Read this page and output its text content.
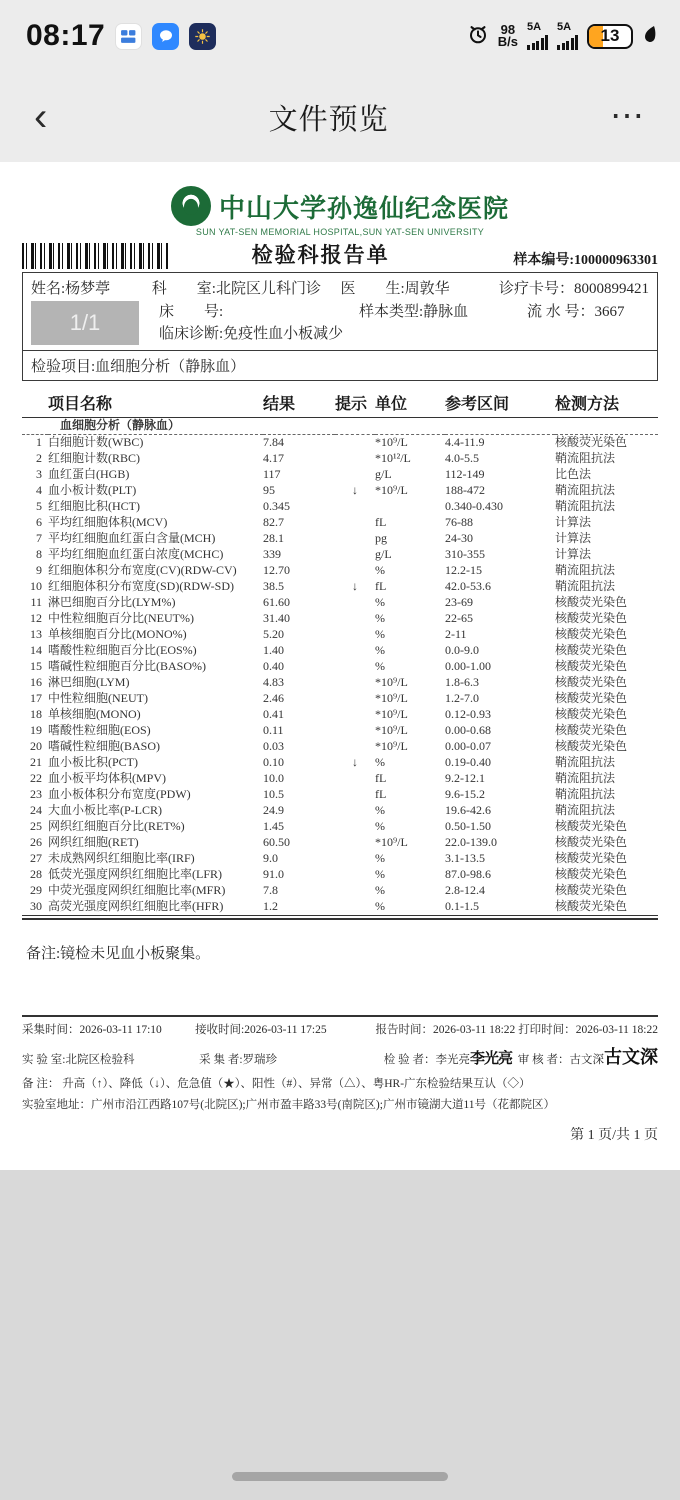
08:17	98
B/s
5A 5A	13
‹	文件预览	⋯
中山大学孙逸仙纪念医院
SUN YAT-SEN MEMORIAL HOSPITAL,SUN YAT-SEN UNIVERSITY
检验科报告单	样本编号:100000963301
1/1
姓名:杨梦葶	科　　室:北院区儿科门诊	医　　生:周敦华	诊疗卡号：8000899421
床　　号:	样本类型:静脉血	流 水 号：3667
临床诊断:免疫性血小板减少
检验项目:血细胞分析（静脉血）
	项目名称	结果	提示	单位	参考区间	检测方法
	血细胞分析（静脉血）					
1	白细胞计数(WBC)	7.84		*10⁹/L	4.4-11.9	核酸荧光染色
2	红细胞计数(RBC)	4.17		*10¹²/L	4.0-5.5	鞘流阻抗法
3	血红蛋白(HGB)	117		g/L	112-149	比色法
4	血小板计数(PLT)	95	↓	*10⁹/L	188-472	鞘流阻抗法
5	红细胞比积(HCT)	0.345			0.340-0.430	鞘流阻抗法
6	平均红细胞体积(MCV)	82.7		fL	76-88	计算法
7	平均红细胞血红蛋白含量(MCH)	28.1		pg	24-30	计算法
8	平均红细胞血红蛋白浓度(MCHC)	339		g/L	310-355	计算法
9	红细胞体积分布宽度(CV)(RDW-CV)	12.70		%	12.2-15	鞘流阻抗法
10	红细胞体积分布宽度(SD)(RDW-SD)	38.5	↓	fL	42.0-53.6	鞘流阻抗法
11	淋巴细胞百分比(LYM%)	61.60		%	23-69	核酸荧光染色
12	中性粒细胞百分比(NEUT%)	31.40		%	22-65	核酸荧光染色
13	单核细胞百分比(MONO%)	5.20		%	2-11	核酸荧光染色
14	嗜酸性粒细胞百分比(EOS%)	1.40		%	0.0-9.0	核酸荧光染色
15	嗜碱性粒细胞百分比(BASO%)	0.40		%	0.00-1.00	核酸荧光染色
16	淋巴细胞(LYM)	4.83		*10⁹/L	1.8-6.3	核酸荧光染色
17	中性粒细胞(NEUT)	2.46		*10⁹/L	1.2-7.0	核酸荧光染色
18	单核细胞(MONO)	0.41		*10⁹/L	0.12-0.93	核酸荧光染色
19	嗜酸性粒细胞(EOS)	0.11		*10⁹/L	0.00-0.68	核酸荧光染色
20	嗜碱性粒细胞(BASO)	0.03		*10⁹/L	0.00-0.07	核酸荧光染色
21	血小板比积(PCT)	0.10	↓	%	0.19-0.40	鞘流阻抗法
22	血小板平均体积(MPV)	10.0		fL	9.2-12.1	鞘流阻抗法
23	血小板体积分布宽度(PDW)	10.5		fL	9.6-15.2	鞘流阻抗法
24	大血小板比率(P-LCR)	24.9		%	19.6-42.6	鞘流阻抗法
25	网织红细胞百分比(RET%)	1.45		%	0.50-1.50	核酸荧光染色
26	网织红细胞(RET)	60.50		*10⁹/L	22.0-139.0	核酸荧光染色
27	未成熟网织红细胞比率(IRF)	9.0		%	3.1-13.5	核酸荧光染色
28	低荧光强度网织红细胞比率(LFR)	91.0		%	87.0-98.6	核酸荧光染色
29	中荧光强度网织红细胞比率(MFR)	7.8		%	2.8-12.4	核酸荧光染色
30	高荧光强度网织红细胞比率(HFR)	1.2		%	0.1-1.5	核酸荧光染色
备注:镜检未见血小板聚集。
采集时间：2026-03-11 17:10	接收时间:2026-03-11 17:25	报告时间：2026-03-11 18:22 打印时间：2026-03-11 18:22
实 验 室:北院区检验科	采 集 者:罗瑞珍	检 验 者：李光亮李光亮 审 核 者：古文深古文深
备 注：
升高（↑）、降低（↓）、危急值（★）、阳性（#）、异常（△）、粤HR-广东检验结果互认（◇）
实验室地址： 广州市沿江西路107号(北院区);广州市盈丰路33号(南院区);广州市镜湖大道11号（花都院区）
第 1 页/共 1 页
